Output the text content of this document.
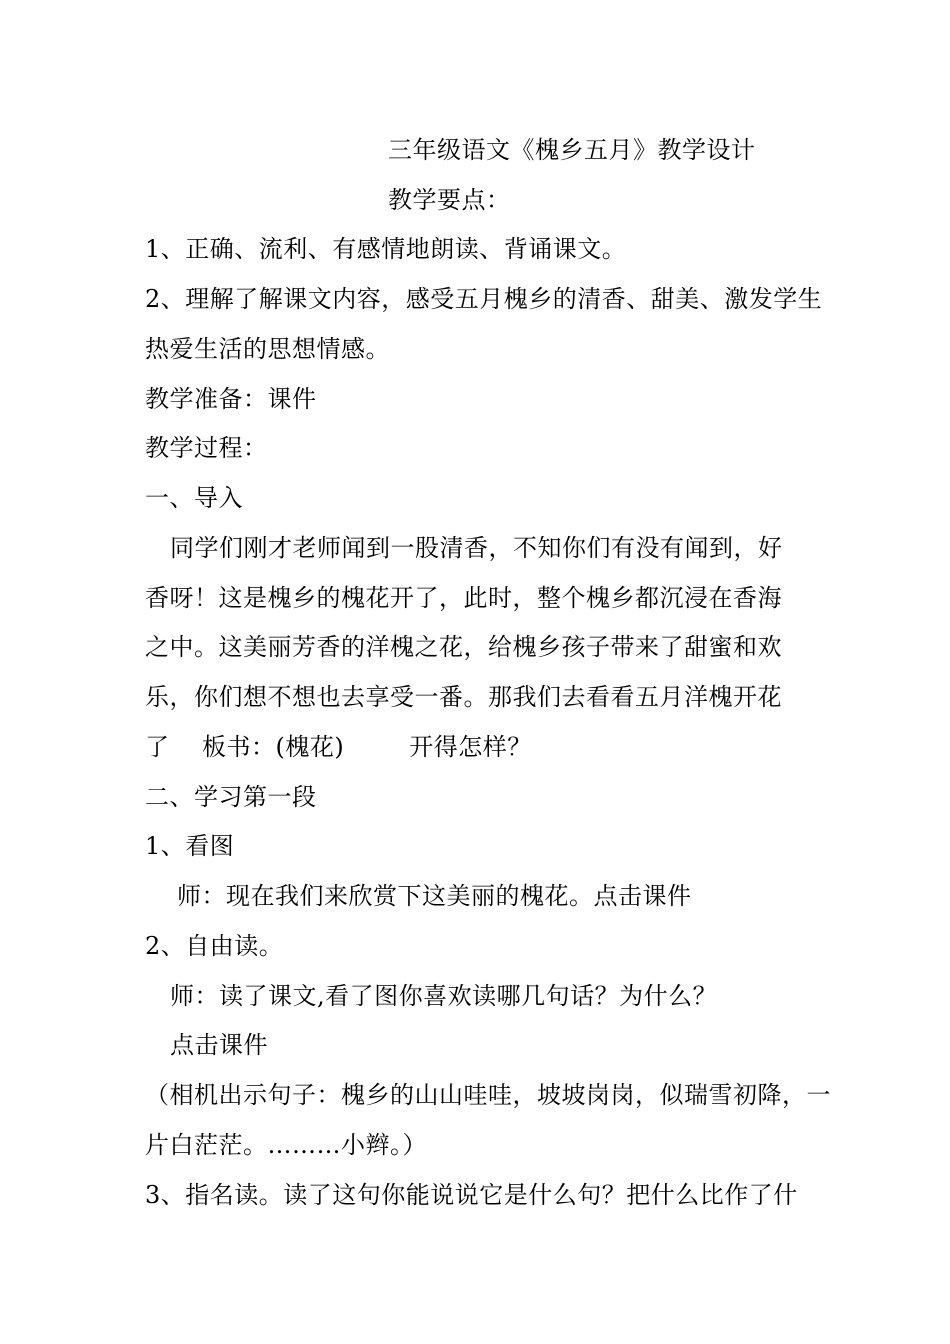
三年级语文《槐乡五月》教学设计
教学要点：
1、正确、流利、有感情地朗读、背诵课文。
2、理解了解课文内容，感受五月槐乡的清香、甜美、激发学生
热爱生活的思想情感。
教学准备：课件
教学过程：
一、导入
同学们刚才老师闻到一股清香，不知你们有没有闻到，好
香呀！这是槐乡的槐花开了，此时，整个槐乡都沉浸在香海
之中。这美丽芳香的洋槐之花，给槐乡孩子带来了甜蜜和欢
乐，你们想不想也去享受一番。那我们去看看五月洋槐开花
了    板书：(槐花)        开得怎样？
二、学习第一段
1、看图
师：现在我们来欣赏下这美丽的槐花。点击课件
2、自由读。
师：读了课文,看了图你喜欢读哪几句话？为什么？
点击课件
（相机出示句子：槐乡的山山哇哇，坡坡岗岗，似瑞雪初降，一
片白茫茫。………小辫。）
3、指名读。读了这句你能说说它是什么句？把什么比作了什
